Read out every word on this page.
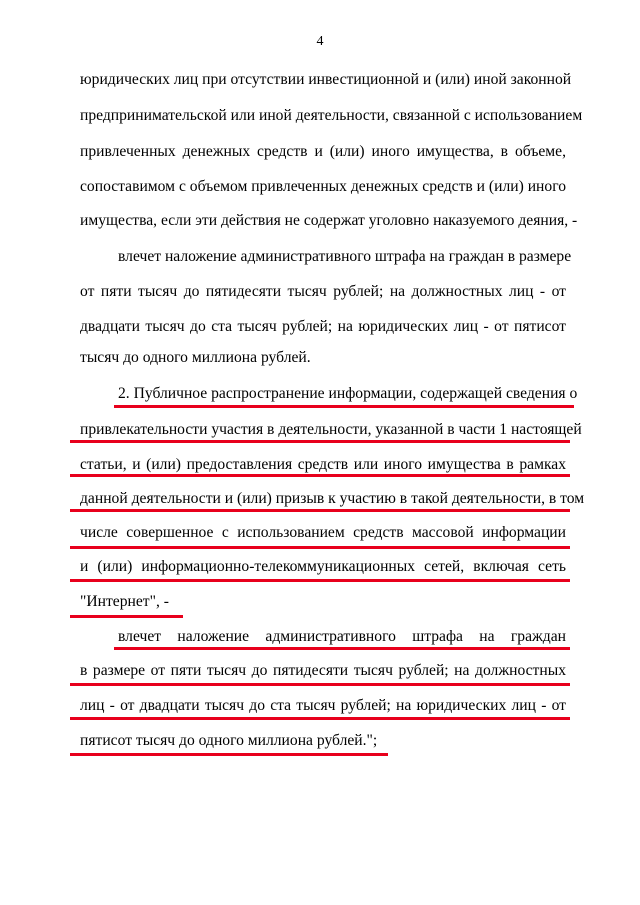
4
юридических лиц при отсутствии инвестиционной и (или) иной законной
предпринимательской или иной деятельности, связанной с использованием
привлеченных денежных средств и (или) иного имущества, в объеме,
сопоставимом с объемом привлеченных денежных средств и (или) иного
имущества, если эти действия не содержат уголовно наказуемого деяния, -
влечет наложение административного штрафа на граждан в размере
от пяти тысяч до пятидесяти тысяч рублей; на должностных лиц - от
двадцати тысяч до ста тысяч рублей; на юридических лиц - от пятисот
тысяч до одного миллиона рублей.
2. Публичное распространение информации, содержащей сведения о
привлекательности участия в деятельности, указанной в части 1 настоящей
статьи, и (или) предоставления средств или иного имущества в рамках
данной деятельности и (или) призыв к участию в такой деятельности, в том
числе совершенное с использованием средств массовой информации
и (или) информационно-телекоммуникационных сетей, включая сеть
"Интернет", -
влечет наложение административного штрафа на граждан
в размере от пяти тысяч до пятидесяти тысяч рублей; на должностных
лиц - от двадцати тысяч до ста тысяч рублей; на юридических лиц - от
пятисот тысяч до одного миллиона рублей.";
